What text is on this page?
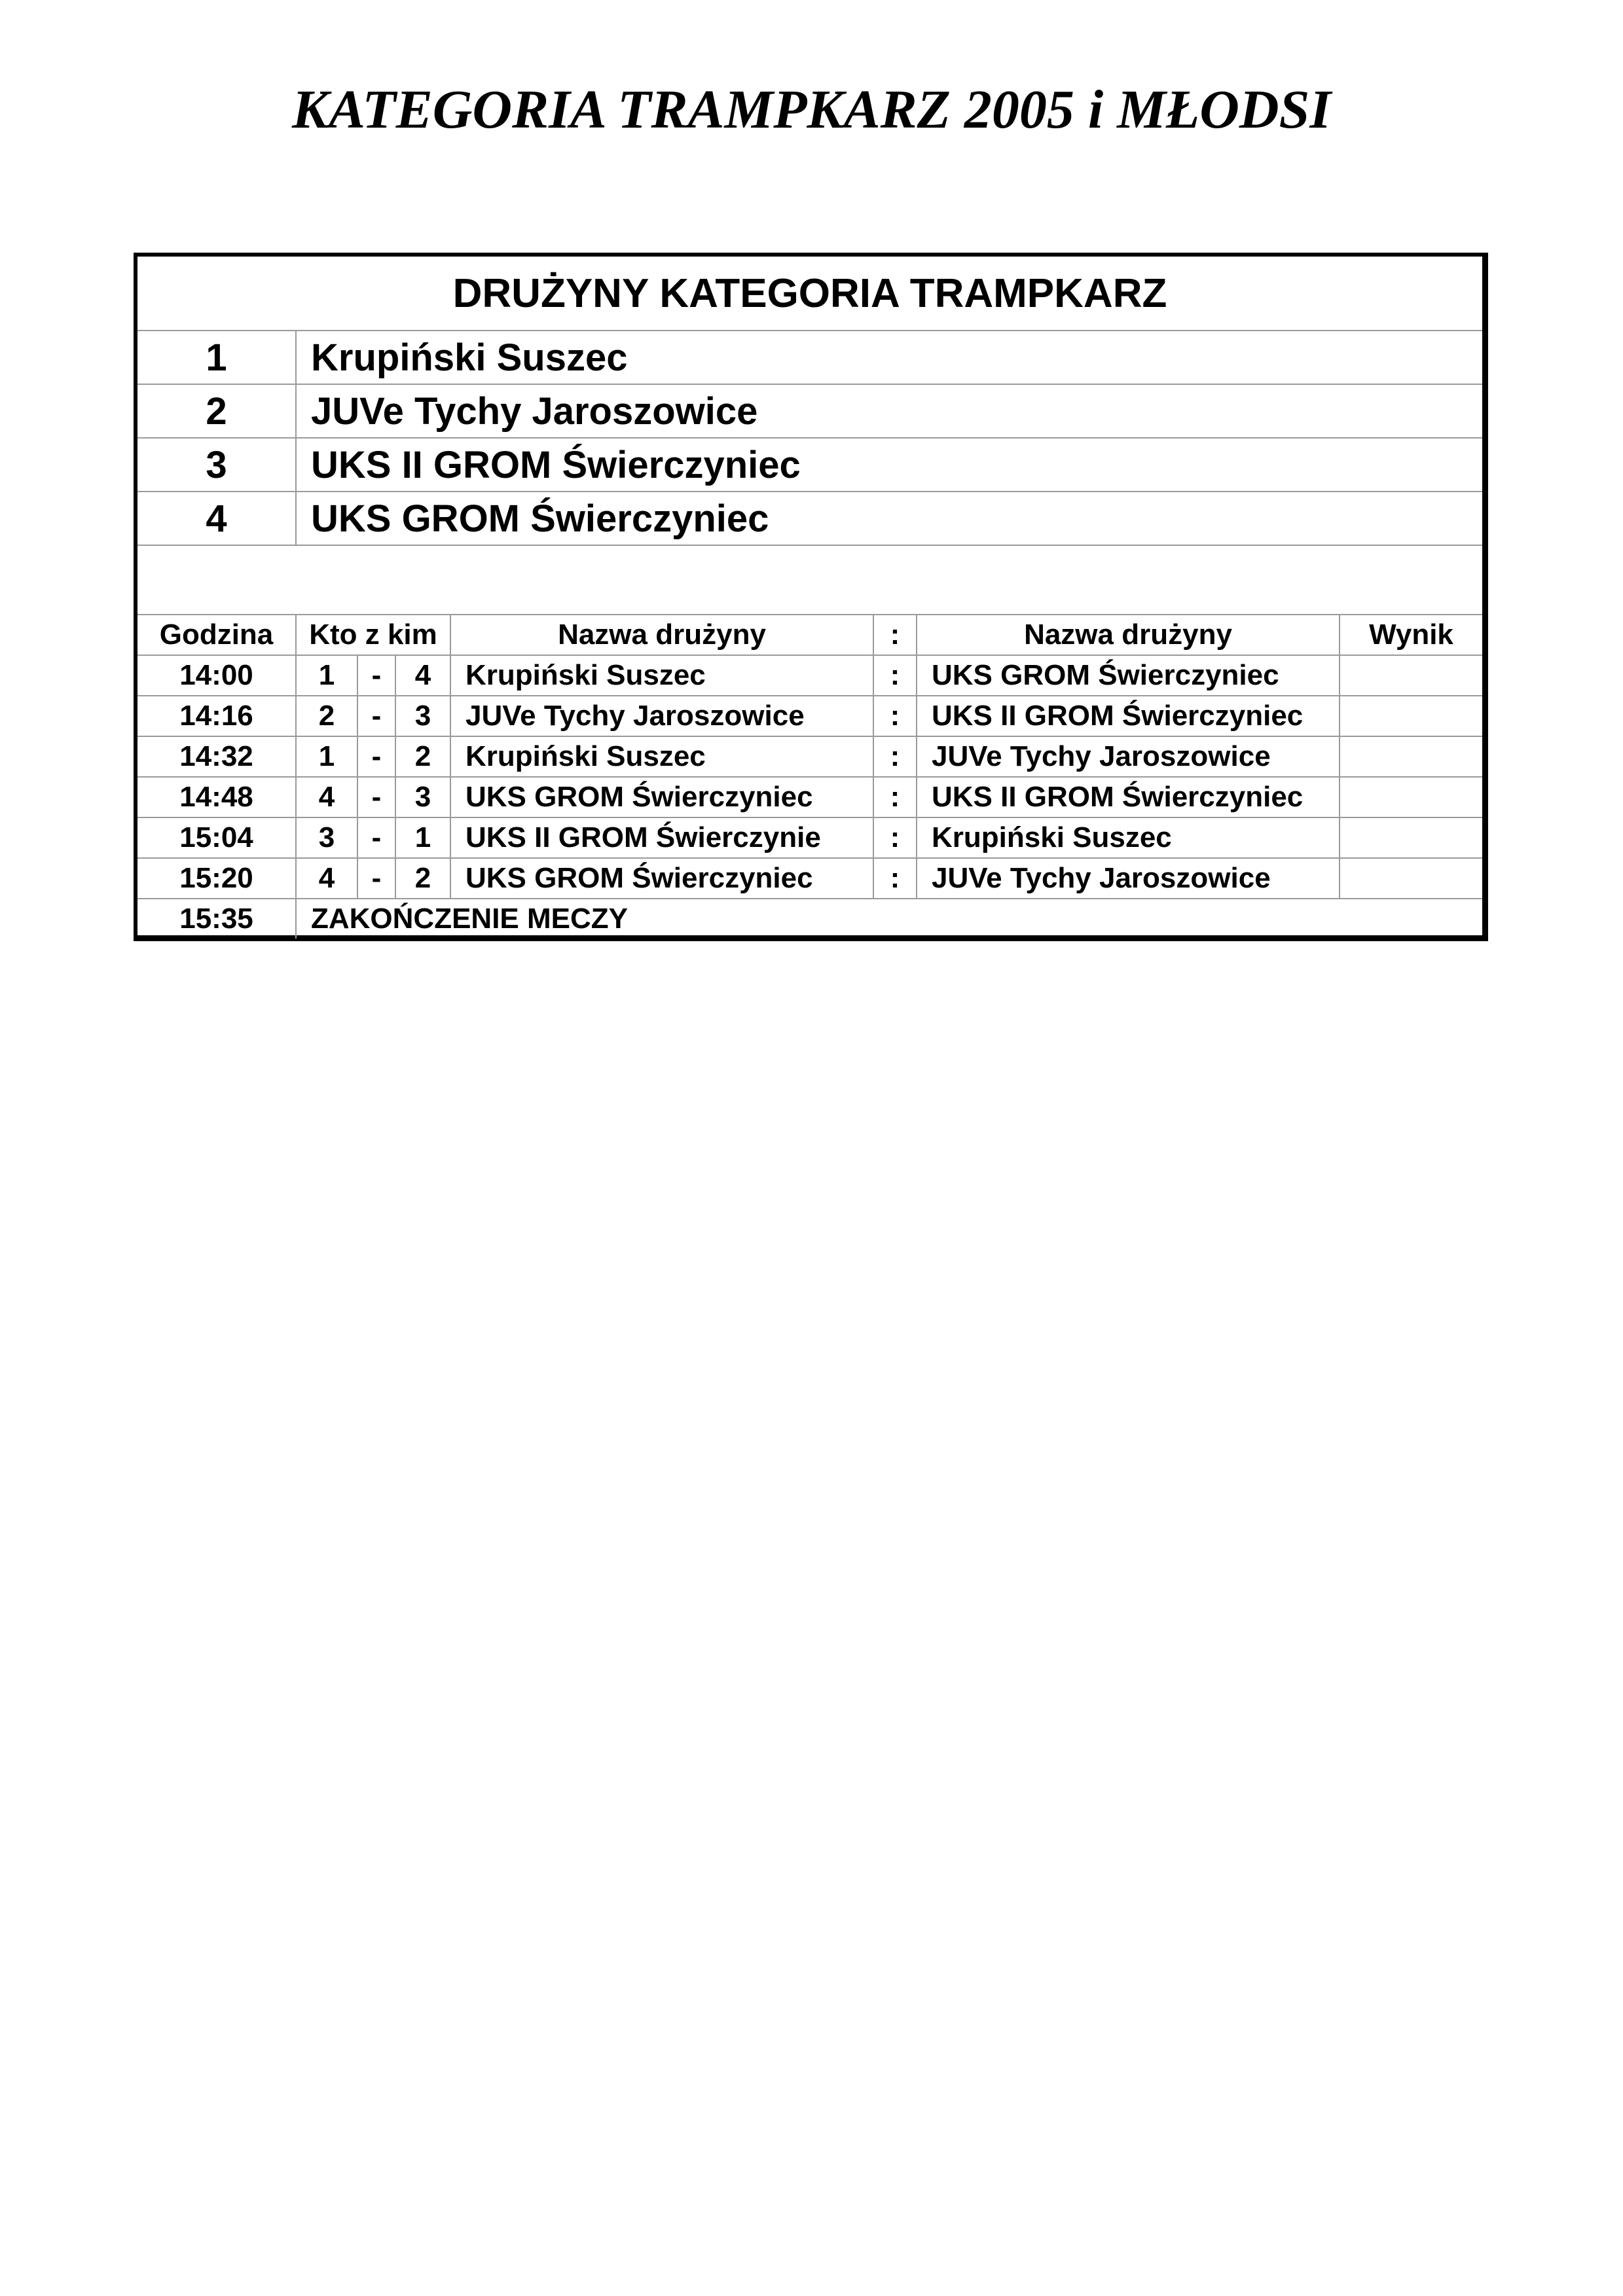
KATEGORIA TRAMPKARZ 2005 i MŁODSI
DRUŻYNY KATEGORIA TRAMPKARZ	
1	Krupiński Suszec
2	JUVe Tychy Jaroszowice
3	UKS II GROM Świerczyniec
4	UKS GROM Świerczyniec

Godzina	Kto z kim			Nazwa drużyny	:	Nazwa drużyny	Wynik
14:00	1	-	4	Krupiński Suszec	:	UKS GROM Świerczyniec	
14:16	2	-	3	JUVe Tychy Jaroszowice	:	UKS II GROM Świerczyniec	
14:32	1	-	2	Krupiński Suszec	:	JUVe Tychy Jaroszowice	
14:48	4	-	3	UKS GROM Świerczyniec	:	UKS II GROM Świerczyniec	
15:04	3	-	1	UKS II GROM Świerczynie	:	Krupiński Suszec	
15:20	4	-	2	UKS GROM Świerczyniec	:	JUVe Tychy Jaroszowice	
15:35	ZAKOŃCZENIE MECZY						
